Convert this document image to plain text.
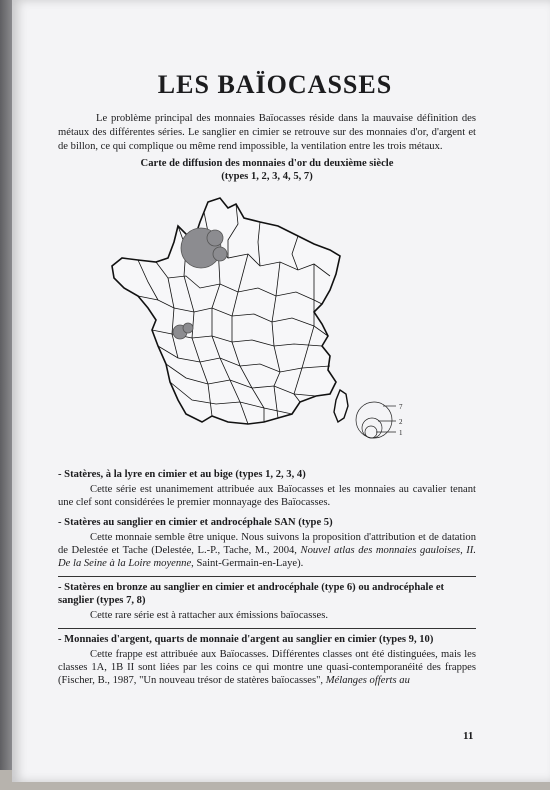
LES BAÏOCASSES
Le problème principal des monnaies Baïocasses réside dans la mauvaise définition des métaux des différentes séries. Le sanglier en cimier se retrouve sur des monnaies d'or, d'argent et de billon, ce qui complique ou même rend impossible, la ventilation entre les trois métaux.
Carte de diffusion des monnaies d'or du deuxième siècle
(types 1, 2, 3, 4, 5, 7)
7
2
1
- Statères, à la lyre en cimier et au bige (types 1, 2, 3, 4)
Cette série est unanimement attribuée aux Baïocasses et les monnaies au cavalier tenant une clef sont considérées le premier monnayage des Baïocasses.
- Statères au sanglier en cimier et androcéphale SAN (type 5)
Cette monnaie semble être unique. Nous suivons la proposition d'attribution et de datation de Delestée et Tache (Delestée, L.-P., Tache, M., 2004, Nouvel atlas des monnaies gauloises, II. De la Seine à la Loire moyenne, Saint-Germain-en-Laye).
- Statères en bronze au sanglier en cimier et androcéphale (type 6) ou androcéphale et sanglier (types 7, 8)
Cette rare série est à rattacher aux émissions baïocasses.
- Monnaies d'argent, quarts de monnaie d'argent au sanglier en cimier (types 9, 10)
Cette frappe est attribuée aux Baïocasses. Différentes classes ont été distinguées, mais les classes 1A, 1B II sont liées par les coins ce qui montre une quasi-contemporanéité des frappes (Fischer, B., 1987, "Un nouveau trésor de statères baïocasses", Mélanges offerts au
11
